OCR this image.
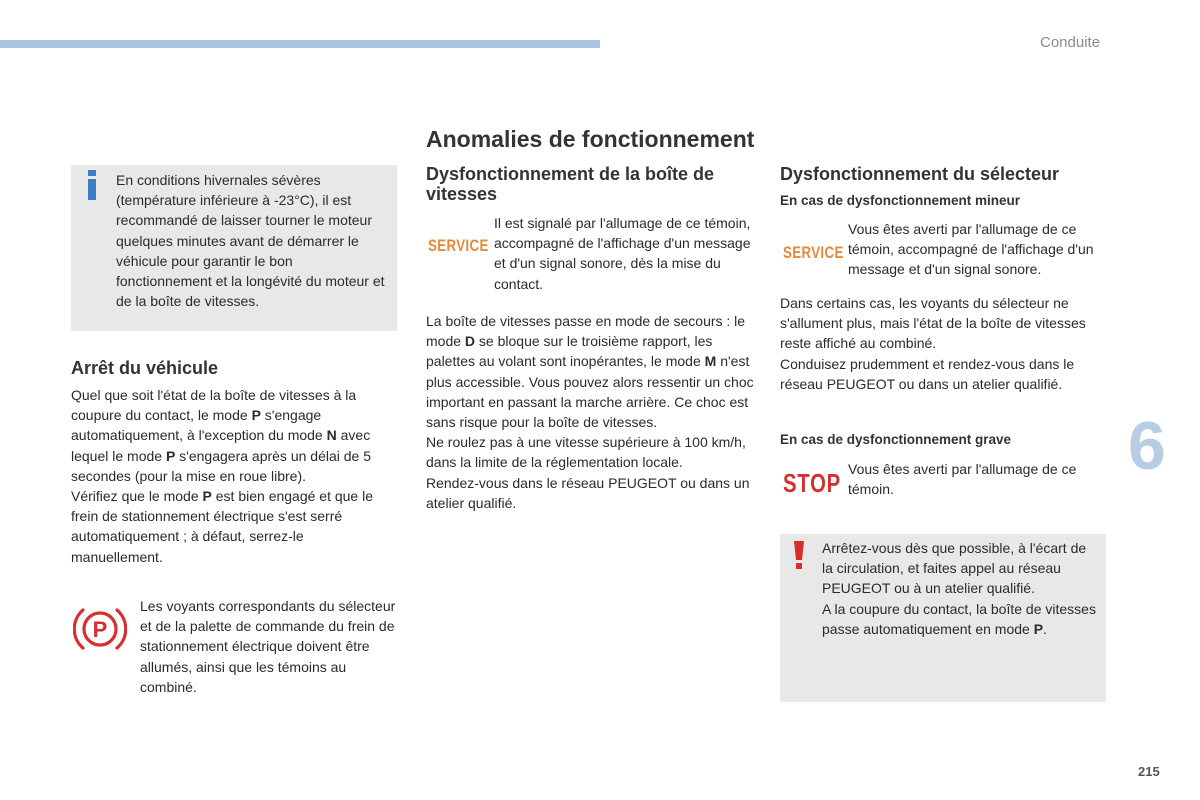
Conduite
6
215

En conditions hivernales sévères (température inférieure à -23°C), il est recommandé de laisser tourner le moteur quelques minutes avant de démarrer le véhicule pour garantir le bon fonctionnement et la longévité du moteur et de la boîte de vitesses.

Arrêt du véhicule

Quel que soit l'état de la boîte de vitesses à la coupure du contact, le mode P s'engage automatiquement, à l'exception du mode N avec lequel le mode P s'engagera après un délai de 5 secondes (pour la mise en roue libre).

Vérifiez que le mode P est bien engagé et que le frein de stationnement électrique s'est serré automatiquement ; à défaut, serrez-le manuellement.

P

Les voyants correspondants du sélecteur et de la palette de commande du frein de stationnement électrique doivent être allumés, ainsi que les témoins au combiné.

Anomalies de fonctionnement
Dysfonctionnement de la boîte de vitesses
SERVICE

Il est signalé par l'allumage de ce témoin, accompagné de l'affichage d'un message et d'un signal sonore, dès la mise du contact.

La boîte de vitesses passe en mode de secours : le mode D se bloque sur le troisième rapport, les palettes au volant sont inopérantes, le mode M n'est plus accessible. Vous pouvez alors ressentir un choc important en passant la marche arrière. Ce choc est sans risque pour la boîte de vitesses.

Ne roulez pas à une vitesse supérieure à 100 km/h, dans la limite de la réglementation locale.

Rendez-vous dans le réseau PEUGEOT ou dans un atelier qualifié.

Dysfonctionnement du sélecteur
En cas de dysfonctionnement mineur
SERVICE

Vous êtes averti par l'allumage de ce témoin, accompagné de l'affichage d'un message et d'un signal sonore.

Dans certains cas, les voyants du sélecteur ne s'allument plus, mais l'état de la boîte de vitesses reste affiché au combiné.

Conduisez prudemment et rendez-vous dans le réseau PEUGEOT ou dans un atelier qualifié.

En cas de dysfonctionnement grave
STOP Vous êtes averti par l'allumage de ce témoin.

Arrêtez-vous dès que possible, à l'écart de la circulation, et faites appel au réseau PEUGEOT ou à un atelier qualifié.

A la coupure du contact, la boîte de vitesses passe automatiquement en mode P.
